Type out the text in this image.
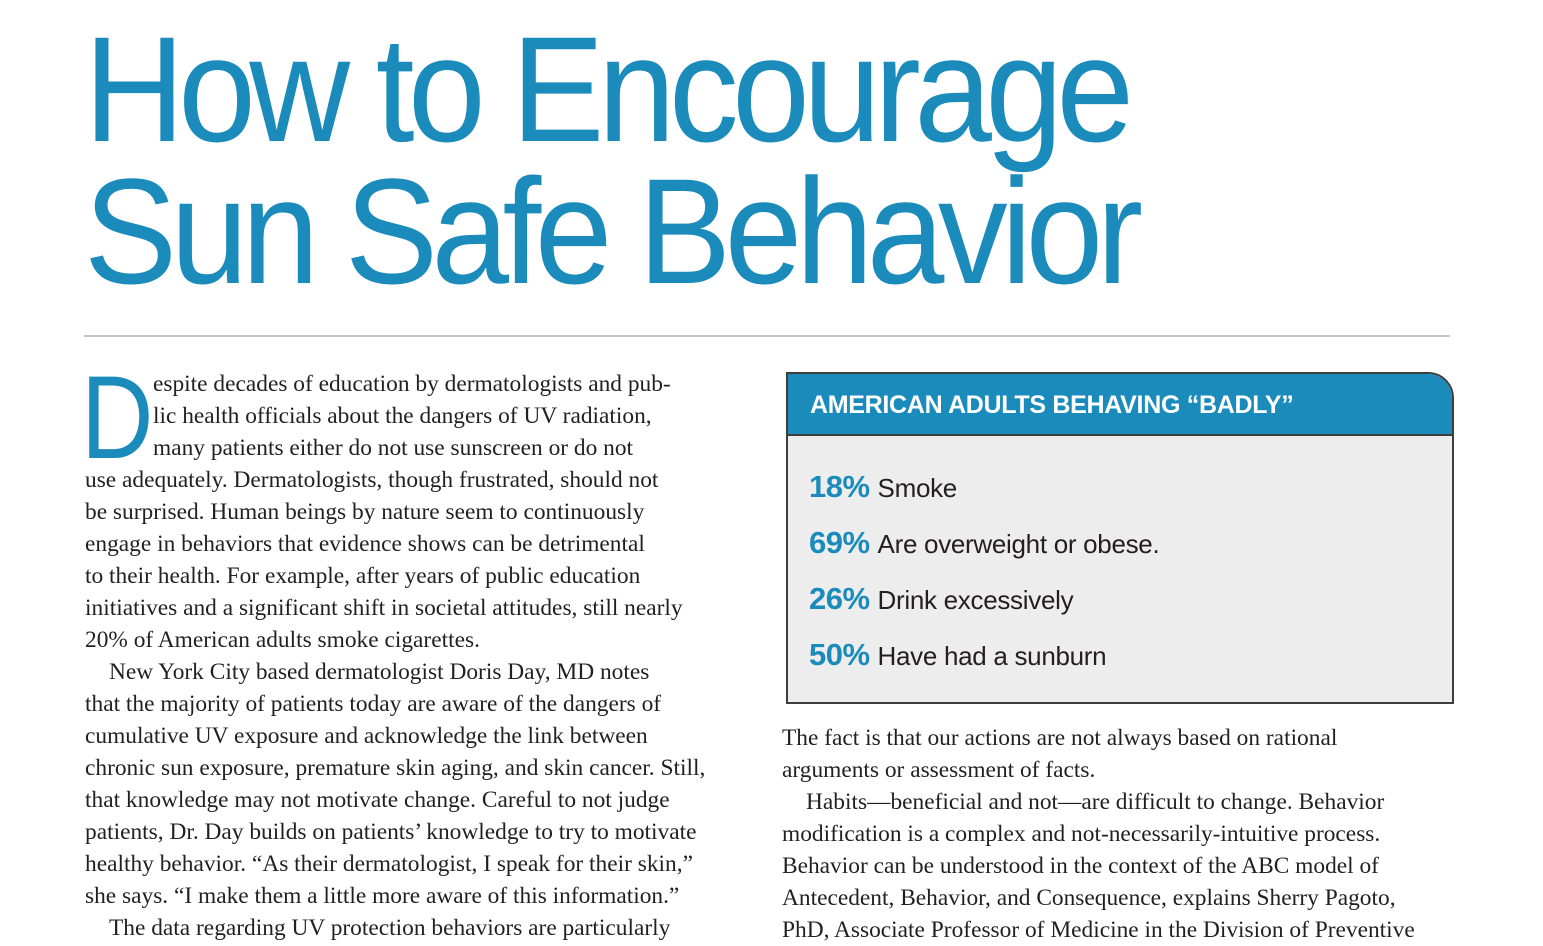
How to Encourage
Sun Safe Behavior

D espite decades of education by dermatologists and pub-
lic health officials about the dangers of UV radiation,
many patients either do not use sunscreen or do not
use adequately. Dermatologists, though frustrated, should not
be surprised. Human beings by nature seem to continuously
engage in behaviors that evidence shows can be detrimental
to their health. For example, after years of public education
initiatives and a significant shift in societal attitudes, still nearly
20% of American adults smoke cigarettes.

New York City based dermatologist Doris Day, MD notes
that the majority of patients today are aware of the dangers of
cumulative UV exposure and acknowledge the link between
chronic sun exposure, premature skin aging, and skin cancer. Still,
that knowledge may not motivate change. Careful to not judge
patients, Dr. Day builds on patients’ knowledge to try to motivate
healthy behavior. “As their dermatologist, I speak for their skin,”
she says. “I make them a little more aware of this information.”

The data regarding UV protection behaviors are particularly

AMERICAN ADULTS BEHAVING “BADLY”
18% Smoke
69% Are overweight or obese.
26% Drink excessively
50% Have had a sunburn

The fact is that our actions are not always based on rational
arguments or assessment of facts.

Habits—beneficial and not—are difficult to change. Behavior
modification is a complex and not-necessarily-intuitive process.
Behavior can be understood in the context of the ABC model of
Antecedent, Behavior, and Consequence, explains Sherry Pagoto,
PhD, Associate Professor of Medicine in the Division of Preventive
